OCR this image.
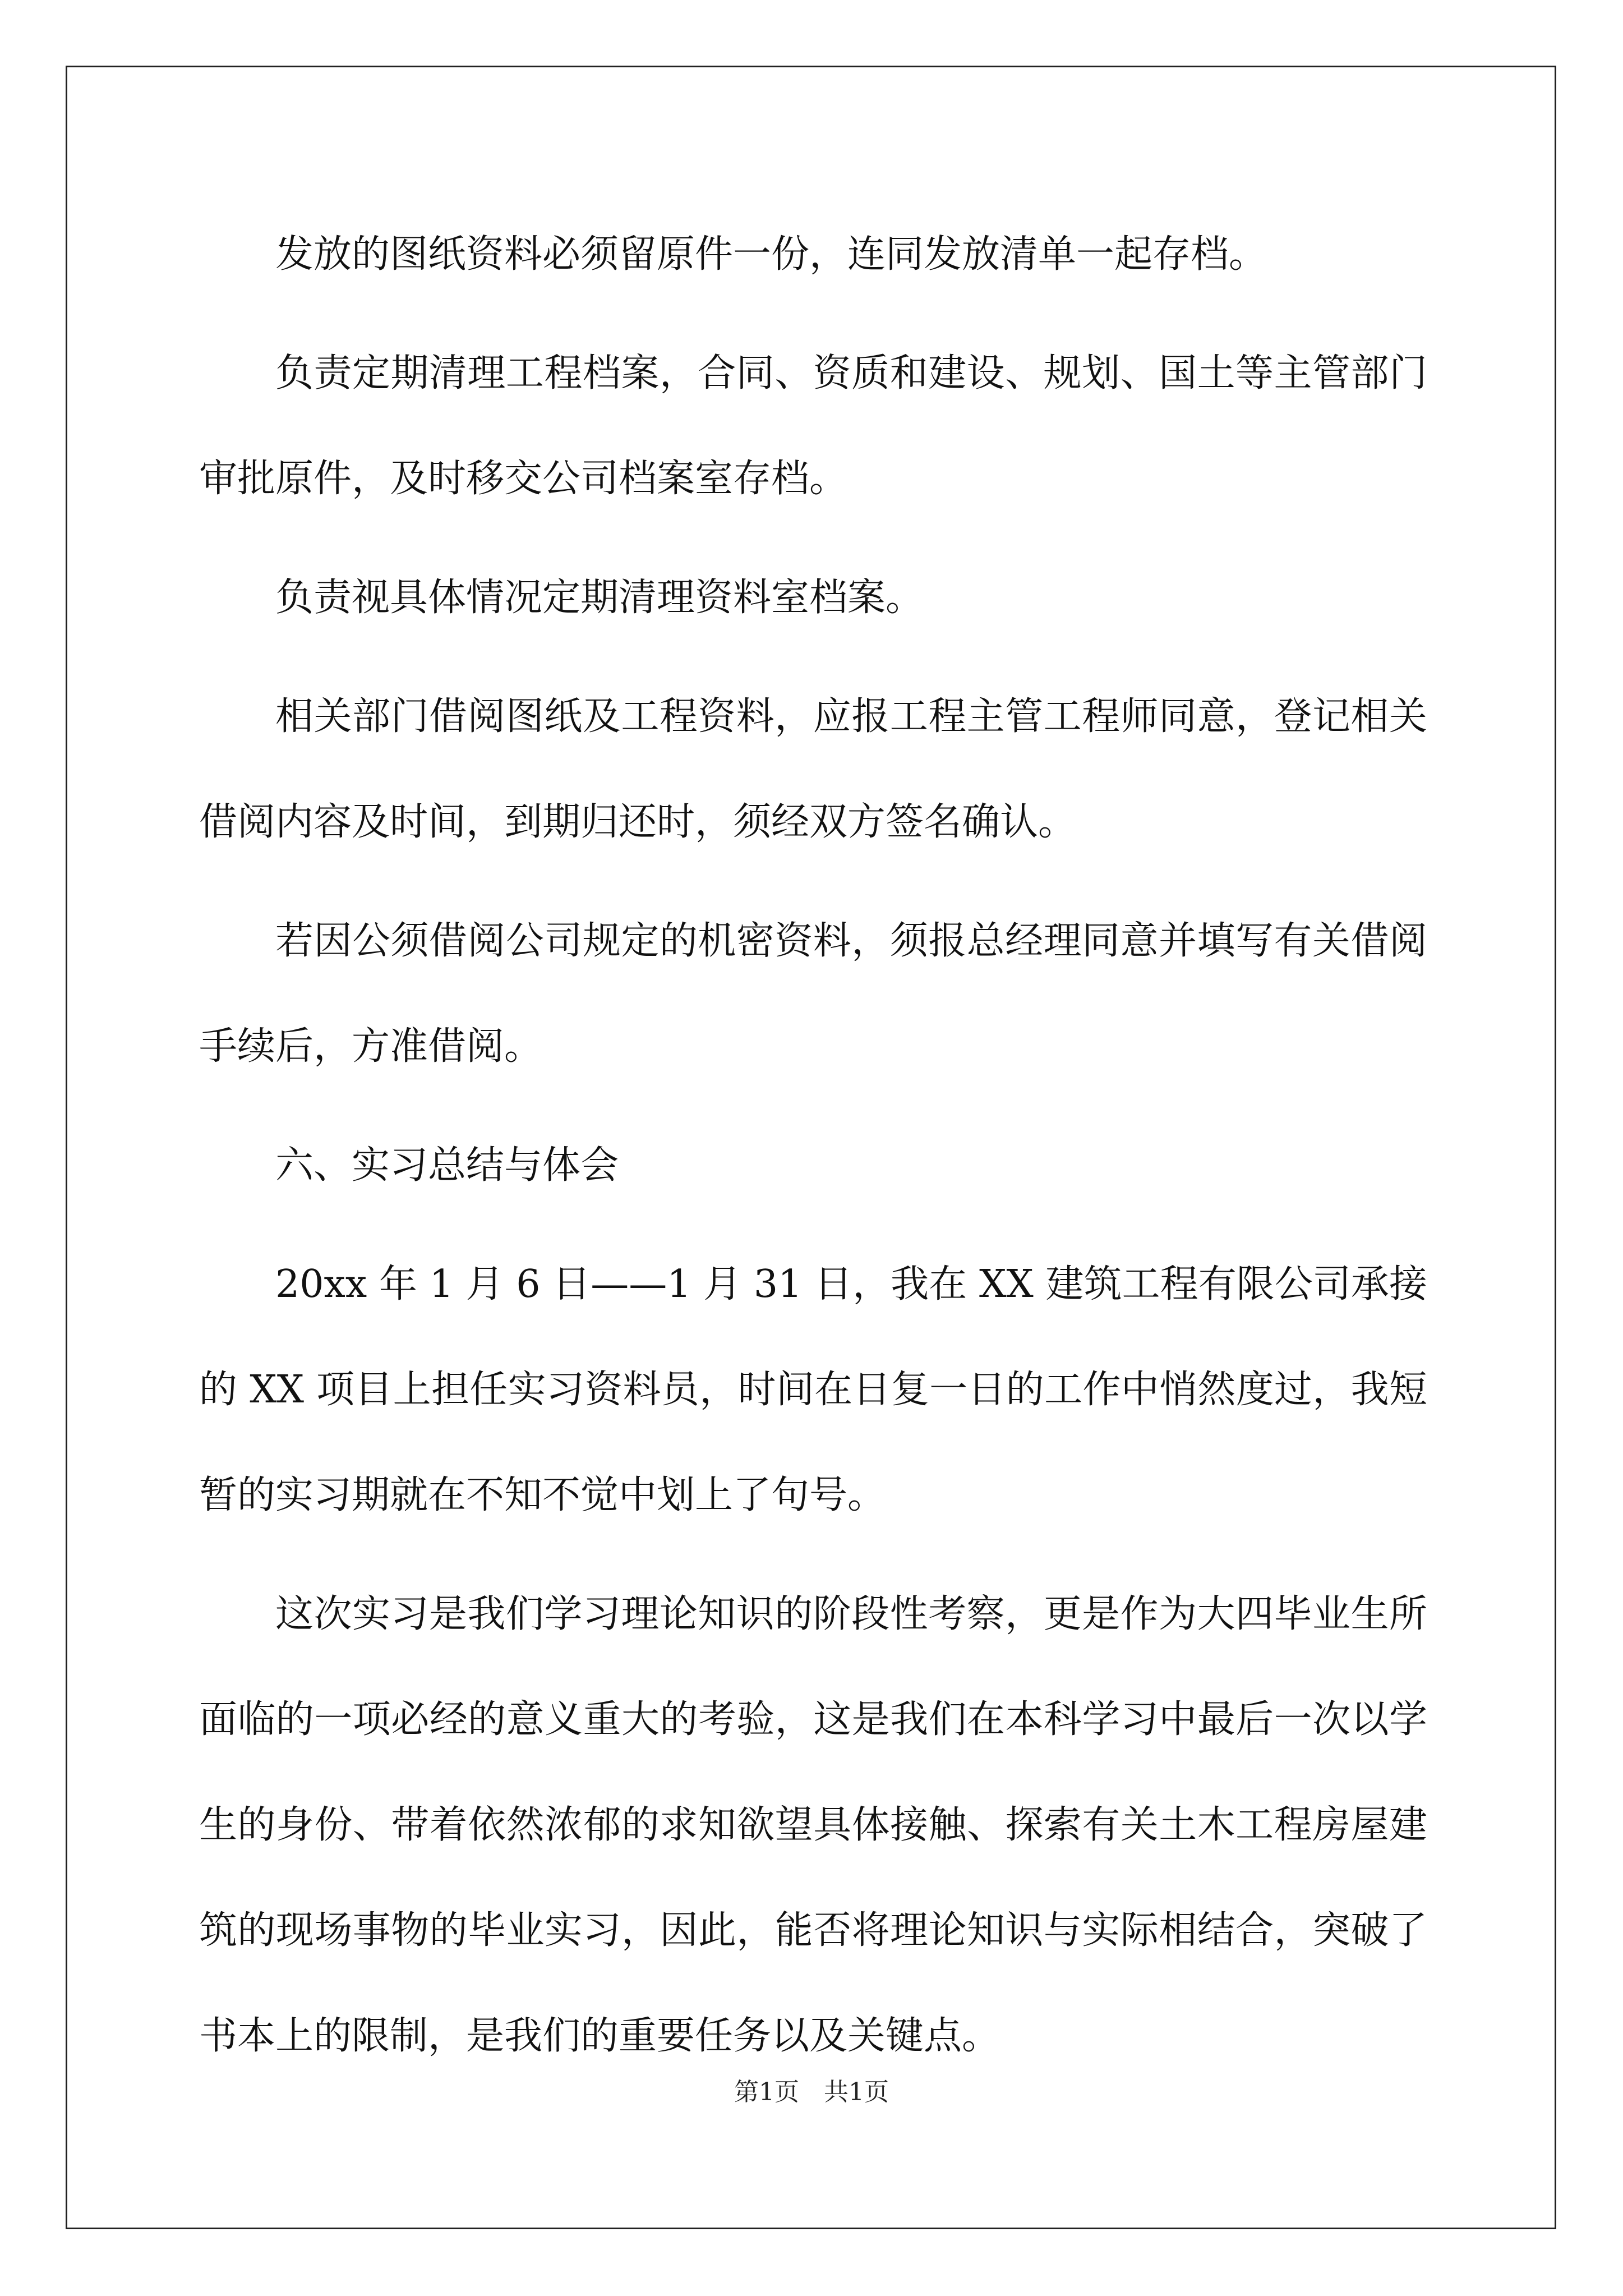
发放的图纸资料必须留原件一份，连同发放清单一起存档。

负责定期清理工程档案，合同、资质和建设、规划、国土等主管部门审批原件，及时移交公司档案室存档。

负责视具体情况定期清理资料室档案。

相关部门借阅图纸及工程资料，应报工程主管工程师同意，登记相关借阅内容及时间，到期归还时，须经双方签名确认。

若因公须借阅公司规定的机密资料，须报总经理同意并填写有关借阅手续后，方准借阅。

六、实习总结与体会

20xx 年 1 月 6 日——1 月 31 日，我在 XX 建筑工程有限公司承接的 XX 项目上担任实习资料员，时间在日复一日的工作中悄然度过，我短暂的实习期就在不知不觉中划上了句号。

这次实习是我们学习理论知识的阶段性考察，更是作为大四毕业生所面临的一项必经的意义重大的考验，这是我们在本科学习中最后一次以学生的身份、带着依然浓郁的求知欲望具体接触、探索有关土木工程房屋建筑的现场事物的毕业实习，因此，能否将理论知识与实际相结合，突破了书本上的限制，是我们的重要任务以及关键点。

第1页　共1页
